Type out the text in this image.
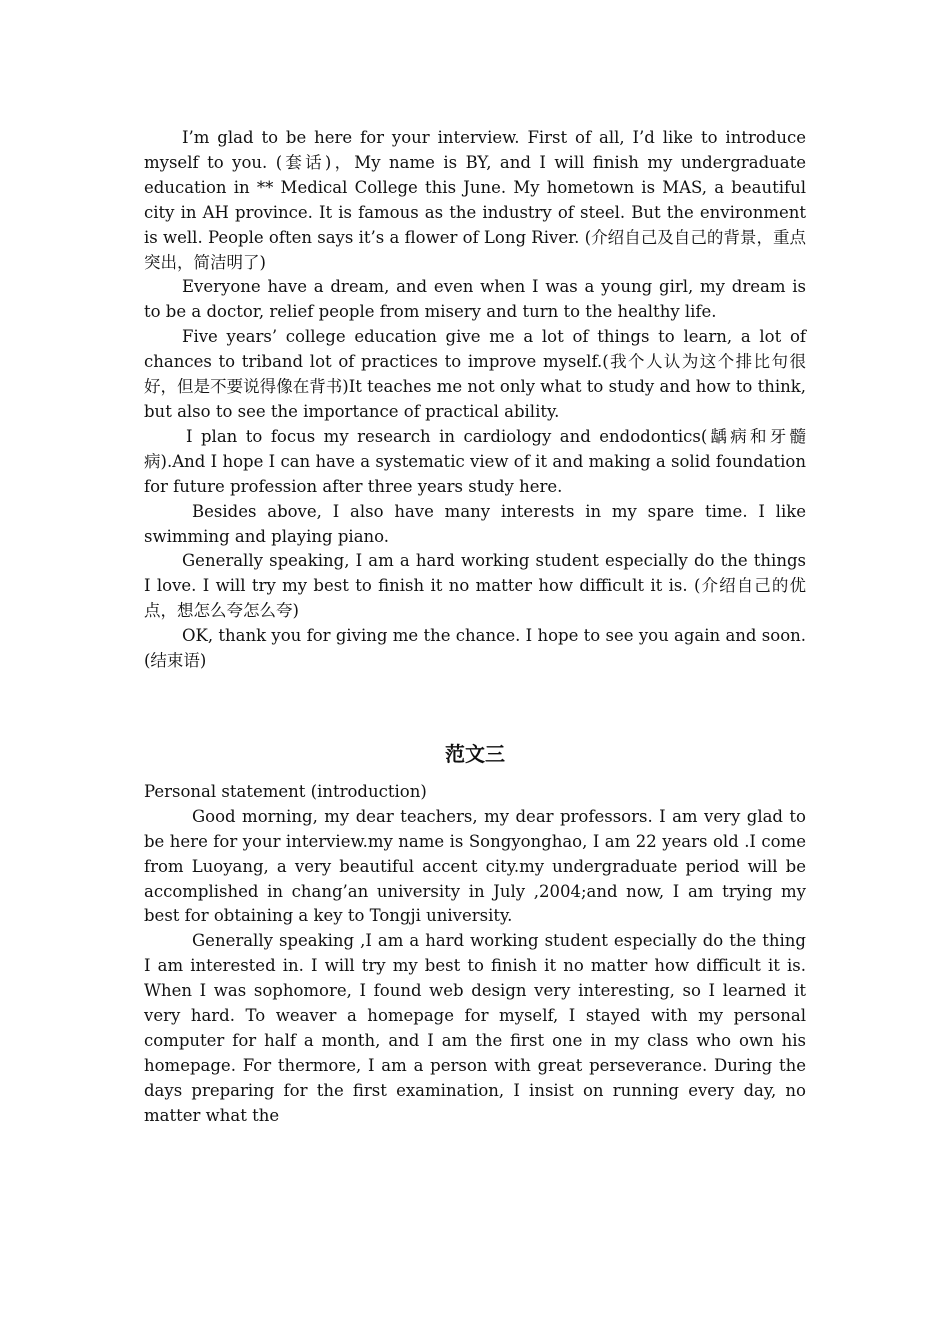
I’m glad to be here for your interview. First of all, I’d like to introduce myself to you. (套话)，My name is BY, and I will finish my undergraduate education in ** Medical College this June. My hometown is MAS, a beautiful city in AH province. It is famous as the industry of steel. But the environment is well. People often says it’s a flower of Long River. (介绍自己及自己的背景，重点突出，简洁明了)

Everyone have a dream, and even when I was a young girl, my dream is to be a doctor, relief people from misery and turn to the healthy life.

Five years’ college education give me a lot of things to learn, a lot of chances to triband lot of practices to improve myself.(我个人认为这个排比句很好，但是不要说得像在背书)It teaches me not only what to study and how to think, but also to see the importance of practical ability.

I plan to focus my research in cardiology and endodontics(龋病和牙髓病).And I hope I can have a systematic view of it and making a solid foundation for future profession after three years study here.

Besides above, I also have many interests in my spare time. I like swimming and playing piano.

Generally speaking, I am a hard working student especially do the things I love. I will try my best to finish it no matter how difficult it is. (介绍自己的优点，想怎么夸怎么夸)

OK, thank you for giving me the chance. I hope to see you again and soon. (结束语)

范文三

Personal statement (introduction)

Good morning, my dear teachers, my dear professors. I am very glad to be here for your interview.my name is Songyonghao, I am 22 years old .I come from Luoyang, a very beautiful accent city.my undergraduate period will be accomplished in chang’an university in July ,2004;and now, I am trying my best for obtaining a key to Tongji university.

Generally speaking ,I am a hard working student especially do the thing I am interested in. I will try my best to finish it no matter how difficult it is. When I was sophomore, I found web design very interesting, so I learned it very hard. To weaver a homepage for myself, I stayed with my personal computer for half a month, and I am the first one in my class who own his homepage. For thermore, I am a person with great perseverance. During the days preparing for the first examination, I insist on running every day, no matter what the
